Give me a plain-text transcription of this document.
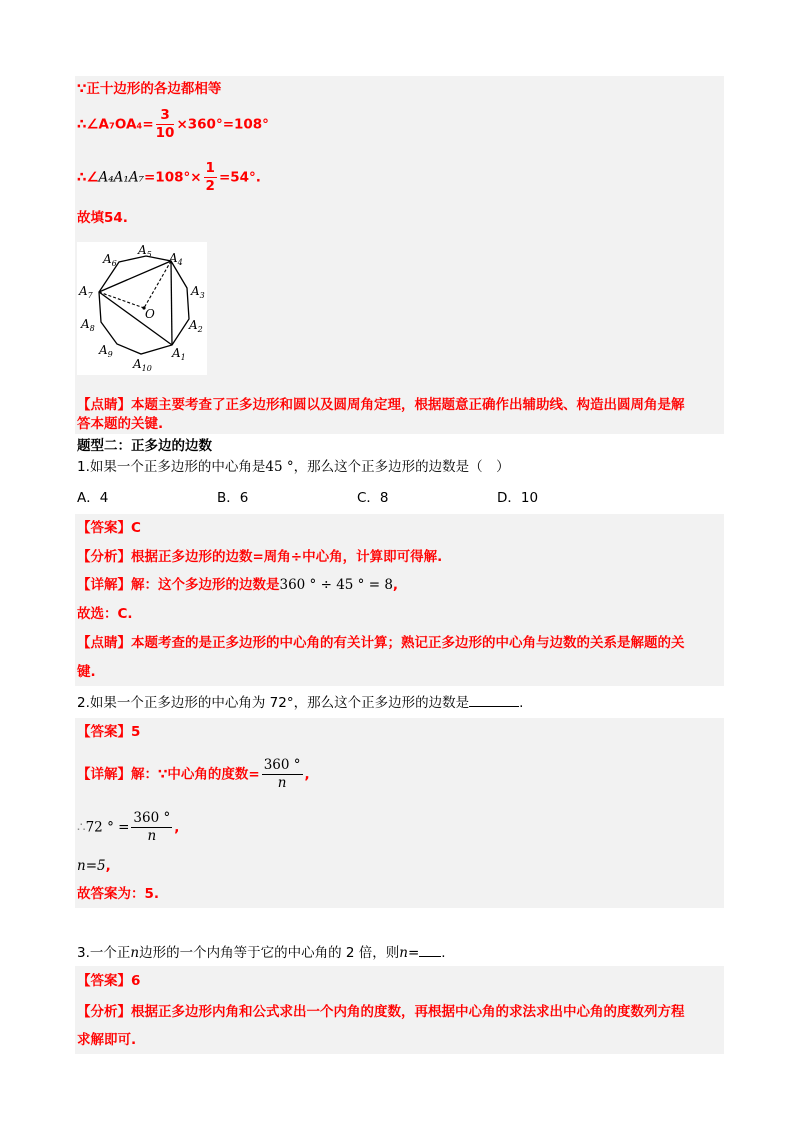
∵正十边形的各边都相等
∴∠A₇OA₄= $\frac{3}{10} \times 360^\circ=108^\circ$
∴∠A₄A₁A₇=108°× $\frac{1}{2} =54^\circ$.
故填54.
$A_1$
$A_2$
$A_3$
$A_4$
$A_5$
$A_6$
$A_7$
$A_8$
$A_9$
$A_{10}$
O
【点睛】本题主要考查了正多边形和圆以及圆周角定理，根据题意正确作出辅助线、构造出圆周角是解
答本题的关键.
题型二：正多边的边数
1.如果一个正多边形的中心角是45 °，那么这个正多边形的边数是（　）
A．4	B．6	C．8	D．10
【答案】C
【分析】根据正多边形的边数=周角÷中心角，计算即可得解.
【详解】解：这个多边形的边数是360 ° ÷ 45 ° = 8,
故选：C.
【点睛】本题考查的是正多边形的中心角的有关计算；熟记正多边形的中心角与边数的关系是解题的关
键.
2.如果一个正多边形的中心角为 72°，那么这个正多边形的边数是	.
【答案】5
【详解】解：∵中心角的度数= $\frac{360 ^\circ}{n}$ ,
∴72 ° = $\frac{360 ^\circ}{n}$ ,
n=5,
故答案为：5.
3.一个正n边形的一个内角等于它的中心角的 2 倍，则n= .
【答案】6
【分析】根据正多边形内角和公式求出一个内角的度数，再根据中心角的求法求出中心角的度数列方程
求解即可.
